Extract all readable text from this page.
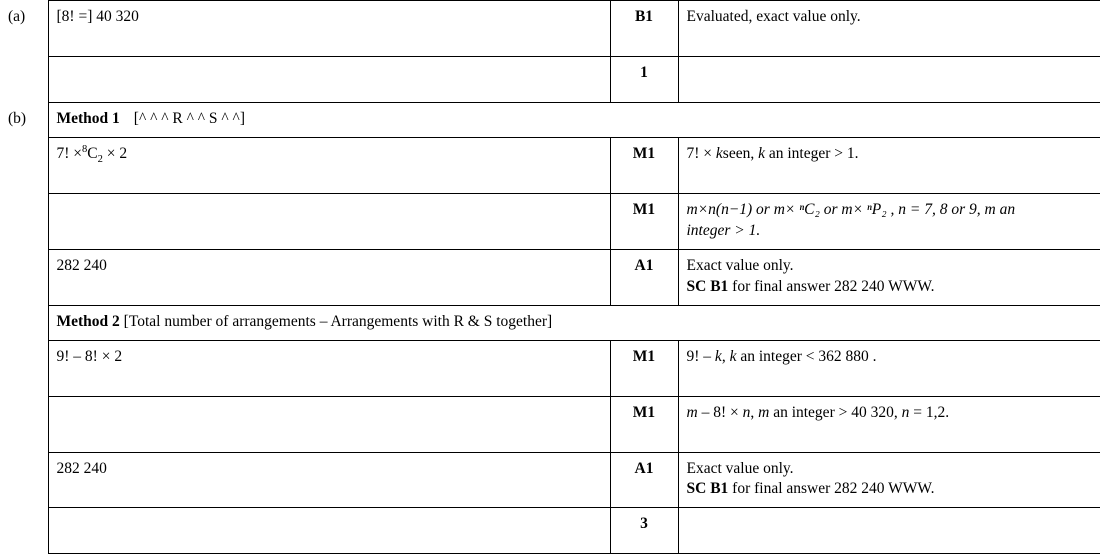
(a)	[8! =] 40 320	B1	Evaluated, exact value only.
		1	
(b)	Method 1 [^ ^ ^ R ^ ^ S ^ ^]		
	7! $\times^8C_2 \times 2$	M1	7! × kseen, k an integer > 1.
		M1	m×n(n−1) or m× ⁿC₂ or m× ⁿP₂ , n = 7, 8 or 9, m an
integer > 1.

	282 240	A1	Exact value only.
SC B1 for final answer 282 240 WWW.

	Method 2 [Total number of arrangements – Arrangements with R & S together]		
	9! – 8! × 2	M1	9! – k, k an integer < 362 880 .
		M1	m – 8! × n, m an integer > 40 320, n = 1,2.
	282 240	A1	Exact value only.
SC B1 for final answer 282 240 WWW.

		3	
